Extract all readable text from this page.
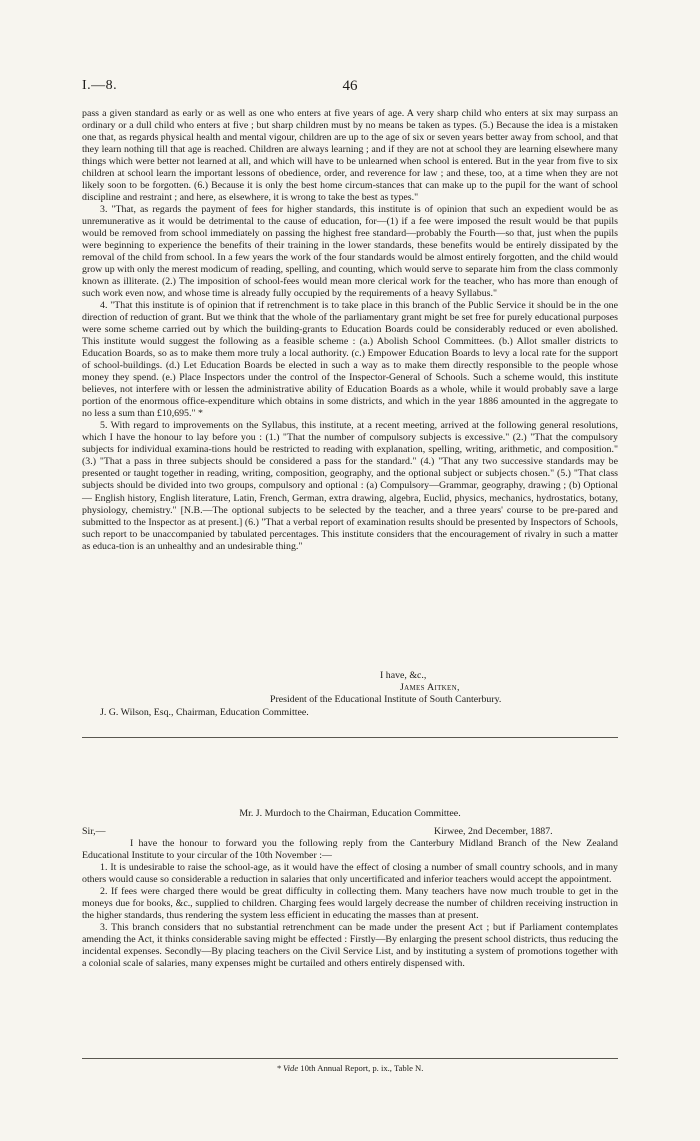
I.—8.	46

pass a given standard as early or as well as one who enters at five years of age. A very sharp child who enters at six may surpass an ordinary or a dull child who enters at five ; but sharp children must by no means be taken as types. (5.) Because the idea is a mistaken one that, as regards physical health and mental vigour, children are up to the age of six or seven years better away from school, and that they learn nothing till that age is reached. Children are always learning ; and if they are not at school they are learning elsewhere many things which were better not learned at all, and which will have to be unlearned when school is entered. But in the year from five to six children at school learn the important lessons of obedience, order, and reverence for law ; and these, too, at a time when they are not likely soon to be forgotten. (6.) Because it is only the best home circum-stances that can make up to the pupil for the want of school discipline and restraint ; and here, as elsewhere, it is wrong to take the best as types."

3. "That, as regards the payment of fees for higher standards, this institute is of opinion that such an expedient would be as unremunerative as it would be detrimental to the cause of education, for—(1) if a fee were imposed the result would be that pupils would be removed from school immediately on passing the highest free standard—probably the Fourth—so that, just when the pupils were beginning to experience the benefits of their training in the lower standards, these benefits would be entirely dissipated by the removal of the child from school. In a few years the work of the four standards would be almost entirely forgotten, and the child would grow up with only the merest modicum of reading, spelling, and counting, which would serve to separate him from the class commonly known as illiterate. (2.) The imposition of school-fees would mean more clerical work for the teacher, who has more than enough of such work even now, and whose time is already fully occupied by the requirements of a heavy Syllabus."

4. "That this institute is of opinion that if retrenchment is to take place in this branch of the Public Service it should be in the one direction of reduction of grant. But we think that the whole of the parliamentary grant might be set free for purely educational purposes were some scheme carried out by which the building-grants to Education Boards could be considerably reduced or even abolished. This institute would suggest the following as a feasible scheme : (a.) Abolish School Committees. (b.) Allot smaller districts to Education Boards, so as to make them more truly a local authority. (c.) Empower Education Boards to levy a local rate for the support of school-buildings. (d.) Let Education Boards be elected in such a way as to make them directly responsible to the people whose money they spend. (e.) Place Inspectors under the control of the Inspector-General of Schools. Such a scheme would, this institute believes, not interfere with or lessen the administrative ability of Education Boards as a whole, while it would probably save a large portion of the enormous office-expenditure which obtains in some districts, and which in the year 1886 amounted in the aggregate to no less a sum than £10,695." *

5. With regard to improvements on the Syllabus, this institute, at a recent meeting, arrived at the following general resolutions, which I have the honour to lay before you : (1.) "That the number of compulsory subjects is excessive." (2.) "That the compulsory subjects for individual examina-tions hould be restricted to reading with explanation, spelling, writing, arithmetic, and composition." (3.) "That a pass in three subjects should be considered a pass for the standard." (4.) "That any two successive standards may be presented or taught together in reading, writing, composition, geography, and the optional subject or subjects chosen." (5.) "That class subjects should be divided into two groups, compulsory and optional : (a) Compulsory—Grammar, geography, drawing ; (b) Optional — English history, English literature, Latin, French, German, extra drawing, algebra, Euclid, physics, mechanics, hydrostatics, botany, physiology, chemistry." [N.B.—The optional subjects to be selected by the teacher, and a three years' course to be pre-pared and submitted to the Inspector as at present.] (6.) "That a verbal report of examination results should be presented by Inspectors of Schools, such report to be unaccompanied by tabulated percentages. This institute considers that the encouragement of rivalry in such a matter as educa-tion is an unhealthy and an undesirable thing."

I have, &c.,
James Aitken,
President of the Educational Institute of South Canterbury.
J. G. Wilson, Esq., Chairman, Education Committee.
Mr. J. Murdoch to the Chairman, Education Committee.
Sir,—	Kirwee, 2nd December, 1887.

I have the honour to forward you the following reply from the Canterbury Midland Branch of the New Zealand Educational Institute to your circular of the 10th November :—

1. It is undesirable to raise the school-age, as it would have the effect of closing a number of small country schools, and in many others would cause so considerable a reduction in salaries that only uncertificated and inferior teachers would accept the appointment.

2. If fees were charged there would be great difficulty in collecting them. Many teachers have now much trouble to get in the moneys due for books, &c., supplied to children. Charging fees would largely decrease the number of children receiving instruction in the higher standards, thus rendering the system less efficient in educating the masses than at present.

3. This branch considers that no substantial retrenchment can be made under the present Act ; but if Parliament contemplates amending the Act, it thinks considerable saving might be effected : Firstly—By enlarging the present school districts, thus reducing the incidental expenses. Secondly—By placing teachers on the Civil Service List, and by instituting a system of promotions together with a colonial scale of salaries, many expenses might be curtailed and others entirely dispensed with.

* Vide 10th Annual Report, p. ix., Table N.
